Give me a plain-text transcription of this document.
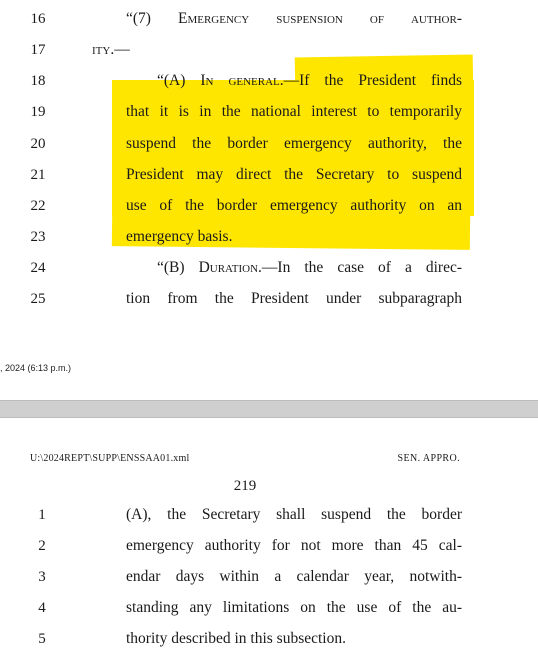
16
17
18
19
20
21
22
23
24
25
“(7) Emergency suspension of author-
ity.—
“(A) In general.—If the President finds
that it is in the national interest to temporarily
suspend the border emergency authority, the
President may direct the Secretary to suspend
use of the border emergency authority on an
emergency basis.
“(B) Duration.—In the case of a direc-
tion from the President under subparagraph
, 2024 (6:13 p.m.)
U:\2024REPT\SUPP\ENSSAA01.xml	SEN. APPRO.
219
1
2
3
4
5
(A), the Secretary shall suspend the border
emergency authority for not more than 45 cal-
endar days within a calendar year, notwith-
standing any limitations on the use of the au-
thority described in this subsection.
